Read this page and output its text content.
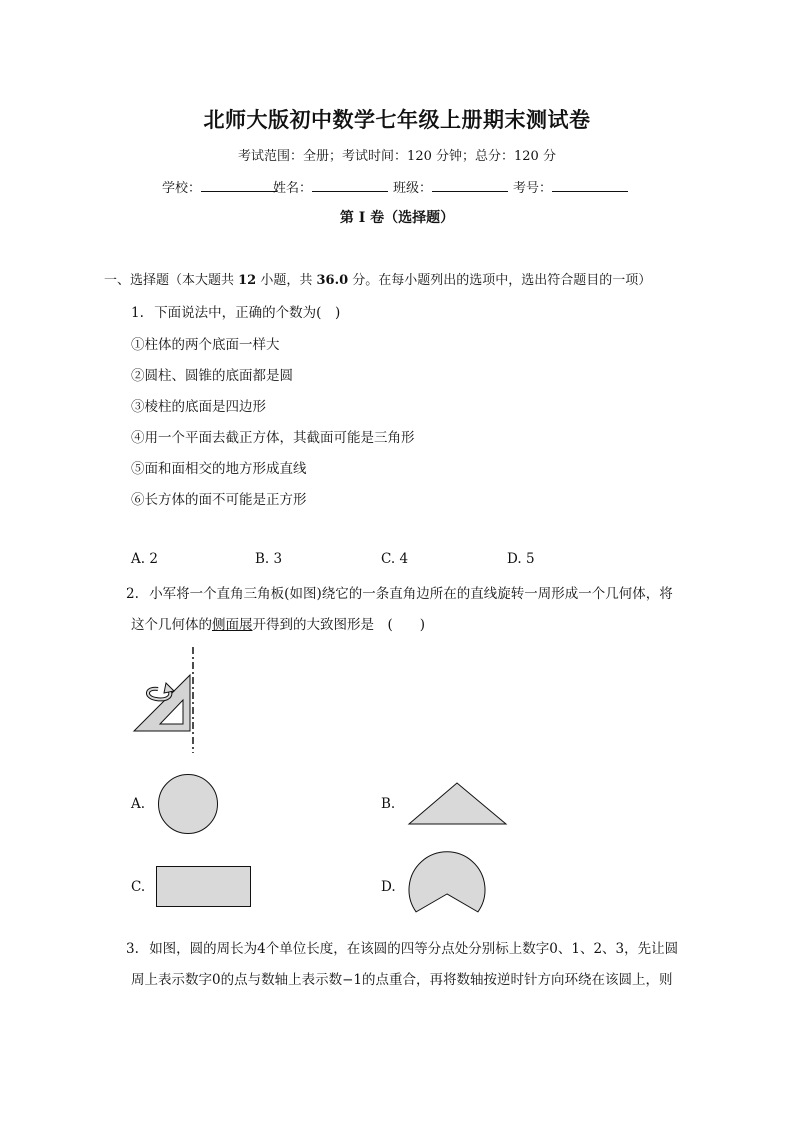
北师大版初中数学七年级上册期末测试卷
考试范围：全册；考试时间：120 分钟；总分：120 分
学校：	姓名：	班级：	考号：
第 I 卷（选择题）
一、选择题（本大题共 12 小题，共 36.0 分。在每小题列出的选项中，选出符合题目的一项）
1. 下面说法中，正确的个数为(　)
①柱体的两个底面一样大
②圆柱、圆锥的底面都是圆
③棱柱的底面是四边形
④用一个平面去截正方体，其截面可能是三角形
⑤面和面相交的地方形成直线
⑥长方体的面不可能是正方形
A. 2	B. 3	C. 4	D. 5
2. 小军将一个直角三角板(如图)绕它的一条直角边所在的直线旋转一周形成一个几何体，将
这个几何体的侧面展开得到的大致图形是　(　　)
A.	B.
C.	D.
3. 如图，圆的周长为4个单位长度，在该圆的四等分点处分别标上数字0、1、2、3，先让圆
周上表示数字0的点与数轴上表示数−1的点重合，再将数轴按逆时针方向环绕在该圆上，则
